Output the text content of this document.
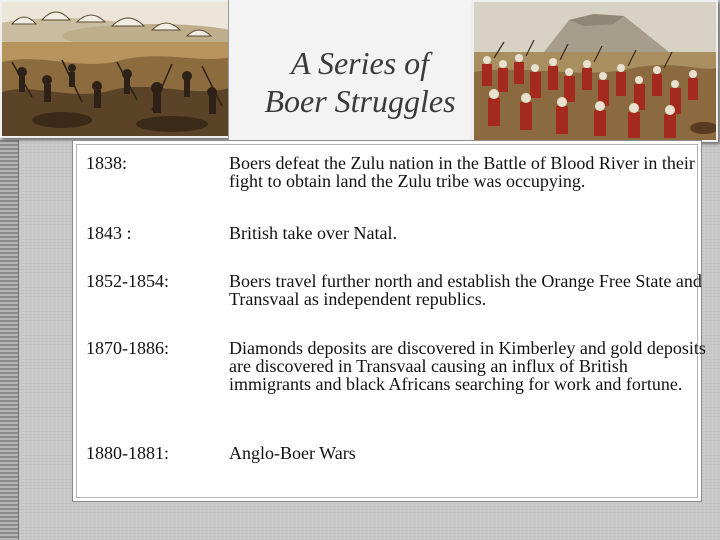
A Series of
Boer Struggles
1838:	Boers defeat the Zulu nation in the Battle of Blood River in their fight to obtain land the Zulu tribe was occupying.
1843 :	British take over Natal.
1852-1854:	Boers travel further north and establish the Orange Free State and Transvaal as independent republics.
1870-1886:	Diamonds deposits are discovered in Kimberley and gold deposits are discovered in Transvaal causing an influx of British immigrants and black Africans searching for work and fortune.
1880-1881:	Anglo-Boer Wars
